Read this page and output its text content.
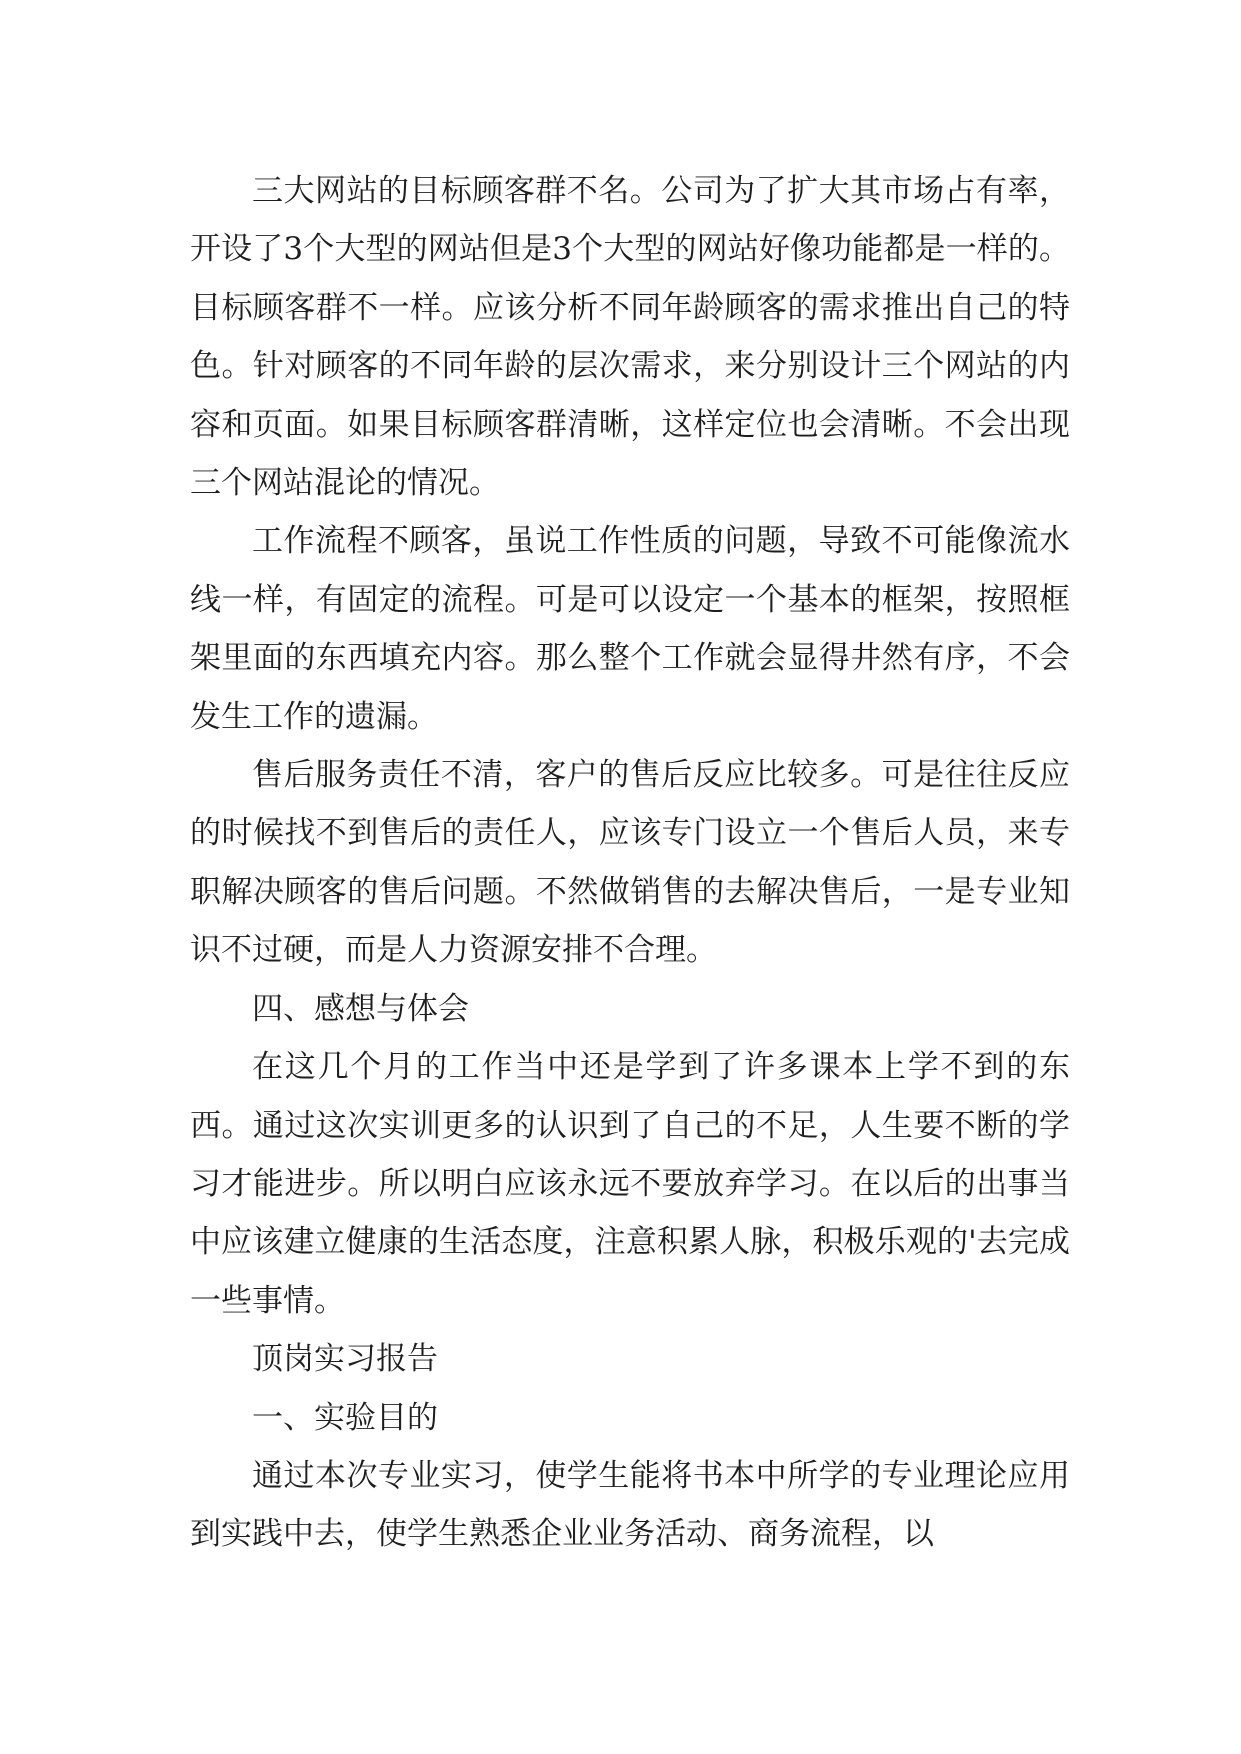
三大网站的目标顾客群不名。公司为了扩大其市场占有率，开设了3个大型的网站但是3个大型的网站好像功能都是一样的。目标顾客群不一样。应该分析不同年龄顾客的需求推出自己的特色。针对顾客的不同年龄的层次需求，来分别设计三个网站的内容和页面。如果目标顾客群清晰，这样定位也会清晰。不会出现三个网站混论的情况。

工作流程不顾客，虽说工作性质的问题，导致不可能像流水线一样，有固定的流程。可是可以设定一个基本的框架，按照框架里面的东西填充内容。那么整个工作就会显得井然有序，不会发生工作的遗漏。

售后服务责任不清，客户的售后反应比较多。可是往往反应的时候找不到售后的责任人，应该专门设立一个售后人员，来专职解决顾客的售后问题。不然做销售的去解决售后，一是专业知识不过硬，而是人力资源安排不合理。

四、感想与体会

在这几个月的工作当中还是学到了许多课本上学不到的东西。通过这次实训更多的认识到了自己的不足，人生要不断的学习才能进步。所以明白应该永远不要放弃学习。在以后的出事当中应该建立健康的生活态度，注意积累人脉，积极乐观的'去完成一些事情。

顶岗实习报告

一、实验目的

通过本次专业实习，使学生能将书本中所学的专业理论应用到实践中去，使学生熟悉企业业务活动、商务流程，以
